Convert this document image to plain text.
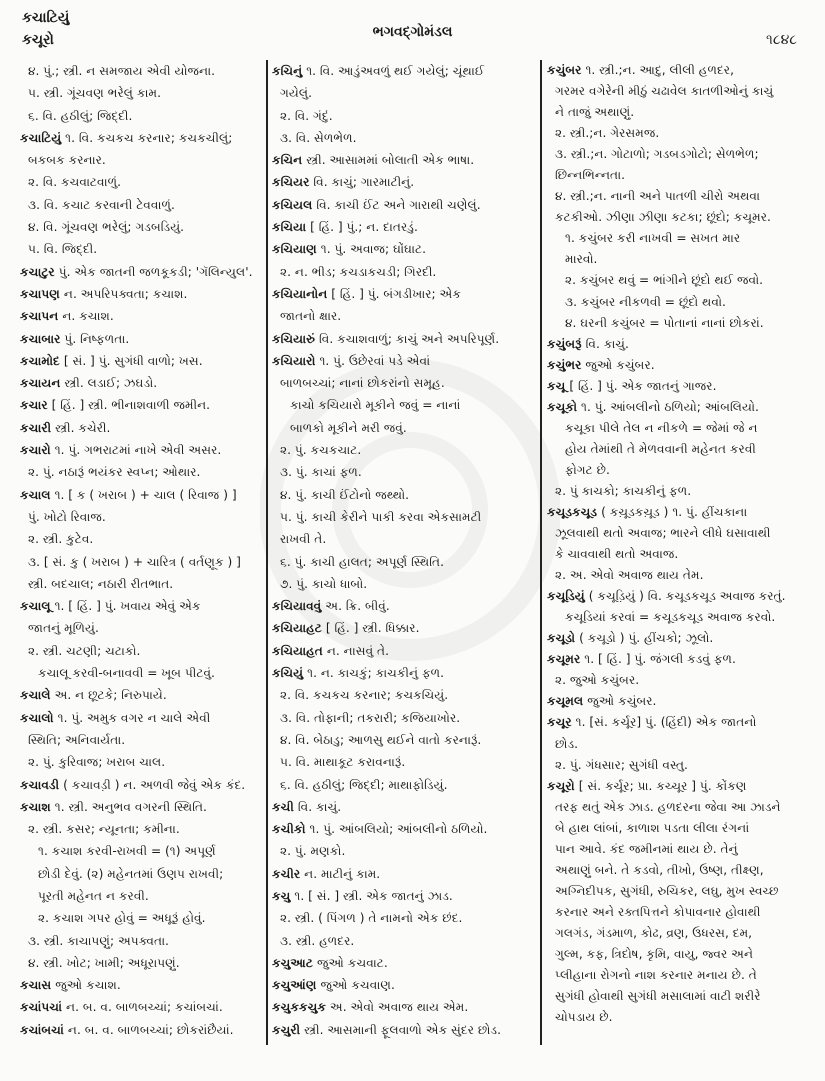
કચાટિયું
કચૂરો	ભગવદ્ગોમંડલ	૧૮૪૮
૪. પું.; સ્ત્રી. ન સમજાય એવી યોજના.
૫. સ્ત્રી. ગૂંચવણ ભરેલું કામ.
૬. વિ. હઠીલું; જિદ્દી.
કચાટિયું ૧. વિ. કચકચ કરનાર; કચકચીલું;
બકબક કરનાર.
૨. વિ. કચવાટવાળું.
૩. વિ. કચાટ કરવાની ટેવવાળું.
૪. વિ. ગૂંચવણ ભરેલું; ગડબડિયું.
૫. વિ. જિદ્દી.
કચાટુર પું. એક જાતની જળકૂકડી; 'ગૅલિન્યુલ'.
કચાપણ ન. અપરિપક્વતા; કચાશ.
કચાપન ન. કચાશ.
કચાબાર પું. નિષ્ફળતા.
કચામોદ [ સં. ] પું. સુગંધી વાળો; ખસ.
કચાયન સ્ત્રી. લડાઈ; ઝઘડો.
કચાર [ હિં. ] સ્ત્રી. ભીનાશવાળી જમીન.
કચારી સ્ત્રી. કચેરી.
કચારો ૧. પું. ગભરાટમાં નાખે એવી અસર.
૨. પું. નઠારૂં ભયંકર સ્વપ્ન; ઓથાર.
કચાલ ૧. [ ક ( ખરાબ ) + ચાલ ( રિવાજ ) ]
પું. ખોટો રિવાજ.
૨. સ્ત્રી. કુટેવ.
૩. [ સં. કુ ( ખરાબ ) + ચારિત્ર ( વર્તણૂક ) ]
સ્ત્રી. બદચાલ; નઠારી રીતભાત.
કચાલૂ ૧. [ હિં. ] પું. ખવાય એવું એક
જાતનું મૂળિયું.
૨. સ્ત્રી. ચટણી; ચટાકો.
કચાલૂ કરવી-બનાવવી = ખૂબ પીટવું.
કચાલે અ. ન છૂટકે; નિરુપાયે.
કચાલો ૧. પું. અમુક વગર ન ચાલે એવી
સ્થિતિ; અનિવાર્યતા.
૨. પું. કુરિવાજ; ખરાબ ચાલ.
કચાવડી ( કચાવડ઼ી ) ન. અળવી જેવું એક કંદ.
કચાશ ૧. સ્ત્રી. અનુભવ વગરની સ્થિતિ.
૨. સ્ત્રી. કસર; ન્યૂનતા; કમીના.
૧. કચાશ કરવી-રાખવી = (૧) અપૂર્ણ
છોડી દેવું. (૨) મહેનતમાં ઉણપ રાખવી;
પૂરતી મહેનત ન કરવી.
૨. કચાશ ગપર હોવું = અધૂરૂં હોવું.
૩. સ્ત્રી. કાચાપણું; અપક્વતા.
૪. સ્ત્રી. ખોટ; ખામી; અધૂરાપણું.
કચાસ જુઓ કચાશ.
કચાંપચાં ન. બ. વ. બાળબચ્ચાં; કચાંબચાં.
કચાંબચાં ન. બ. વ. બાળબચ્ચાં; છોકરાંછૈયાં.
કચિનું ૧. વિ. આડુંઅવળું થઈ ગયેલું; ચૂંથાઈ
ગયેલું.
૨. વિ. ગંદું.
૩. વિ. સેળભેળ.
કચિન સ્ત્રી. આસામમાં બોલાતી એક ભાષા.
કચિયર વિ. કાચું; ગારમાટીનું.
કચિયલ વિ. કાચી ઈંટ અને ગારાથી ચણેલું.
કચિયા [ હિં. ] પું.; ન. દાતરડું.
કચિયાણ ૧. પું. અવાજ; ઘોંઘાટ.
૨. ન. ભીડ; કચડાકચડી; ગિરદી.
કચિયાનોન [ હિં. ] પું. બંગડીખાર; એક
જાતનો ક્ષાર.
કચિયારું વિ. કચાશવાળું; કાચું અને અપરિપૂર્ણ.
કચિયારો ૧. પું. ઉછેરવાં પડે એવાં
બાળબચ્ચાં; નાનાં છોકરાંનો સમૂહ.
કાચો કચિયારો મૂકીને જવું = નાનાં
બાળકો મૂકીને મરી જવું.
૨. પું. કચકચાટ.
૩. પું. કાચાં ફળ.
૪. પું. કાચી ઈંટોનો જથ્થો.
૫. પું. કાચી કેરીને પાકી કરવા એકસામટી
રાખવી તે.
૬. પું. કાચી હાલત; અપૂર્ણ સ્થિતિ.
૭. પું. કાચો ધાબો.
કચિયાવવું અ. ક્રિ. બીવું.
કચિયાહટ [ હિં. ] સ્ત્રી. ધિક્કાર.
કચિયાહત ન. નાસવું તે.
કચિયું ૧. ન. કાચકું; કાચકીનું ફળ.
૨. વિ. કચકચ કરનાર; કચકચિયું.
૩. વિ. તોફાની; તકરારી; કજિયાખોર.
૪. વિ. બેઠાડુ; આળસુ થઈને વાતો કરનારૂં.
૫. વિ. માથાકૂટ કરાવનારૂં.
૬. વિ. હઠીલું; જિદ્દી; માથાફોડિયું.
કચી વિ. કાચું.
કચીકો ૧. પું. આંબલિયો; આંબલીનો ઠળિયો.
૨. પું. મણકો.
કચીર ન. માટીનું કામ.
કચુ ૧. [ સં. ] સ્ત્રી. એક જાતનું ઝાડ.
૨. સ્ત્રી. ( પિંગળ ) તે નામનો એક છંદ.
૩. સ્ત્રી. હળદર.
કચુઆટ જુઓ કચવાટ.
કચુઆંણ જુઓ કચવાણ.
કચુકકચુક અ. એવો અવાજ થાય એમ.
કચુરી સ્ત્રી. આસમાની ફૂલવાળો એક સુંદર છોડ.
કચુંબર ૧. સ્ત્રી.;ન. આદુ, લીલી હળદર,
ગરમર વગેરેની મીઠું ચઢાવેલ કાતળીઓનું કાચું
ને તાજું અથાણું.
૨. સ્ત્રી.;ન. ગેરસમજ.
૩. સ્ત્રી.;ન. ગોટાળો; ગડબડગોટો; સેળભેળ;
છિન્નભિન્નતા.
૪. સ્ત્રી.;ન. નાની અને પાતળી ચીરો અથવા
કટકીઓ. ઝીણા ઝીણા કટકા; છૂંદો; કચૂમર.
૧. કચુંબર કરી નાખવી = સખત માર
મારવો.
૨. કચુંબર થવું = ભાંગીને છૂંદો થઈ જવો.
૩. કચુંબર નીકળવી = છૂંદો થવો.
૪. ઘરની કચુંબર = પોતાનાં નાનાં છોકરાં.
કચુંબરૂં વિ. કાચું.
કચુંભર જુઓ કચુંબર.
કચૂ [ હિં. ] પું. એક જાતનું ગાજર.
કચૂકો ૧. પું. આંબલીનો ઠળિયો; આંબલિયો.
કચૂકા પીલે તેલ ન નીકળે = જેમાં જે ન
હોય તેમાંથી તે મેળવવાની મહેનત કરવી
ફોગટ છે.
૨. પું કાચકો; કાચકીનું ફળ.
કચૂડકચૂડ ( કચૂ઼ડકચૂ઼ડ ) ૧. પું. હીંચકાના
ઝૂલવાથી થતો અવાજ; ભારને લીધે ઘસાવાથી
કે ચાવવાથી થતો અવાજ.
૨. અ. એવો અવાજ થાય તેમ.
કચૂડિયું ( કચૂડ઼િયું ) વિ. કચૂડકચૂડ અવાજ કરતું.
કચૂડિયાં કરવાં = કચૂડકચૂડ અવાજ કરવો.
કચૂડો ( કચૂડ઼ો ) પું. હીંચકો; ઝૂલો.
કચૂમર ૧. [ હિં. ] પું. જંગલી કડવું ફળ.
૨. જુઓ કચુંબર.
કચૂમલ જુઓ કચુંબર.
કચૂર ૧. [સં. કર્ચૂર] પું. (હિંદી) એક જાતનો
છોડ.
૨. પું. ગંધસાર; સુગંધી વસ્તુ.
કચૂરો [ સં. કર્ચૂર; પ્રા. કચ્ચૂર ] પું. કોંકણ
તરફ થતું એક ઝાડ. હળદરના જેવા આ ઝાડને
બે હાથ લાંબાં, કાળાશ પડતા લીલા રંગનાં
પાન આવે. કંદ જમીનમાં થાય છે. તેનું
અથાણું બને. તે કડવો, તીખો, ઉષ્ણ, તીક્ષ્ણ,
અગ્નિદીપક, સુગંધી, રુચિકર, લઘુ, મુખ સ્વચ્છ
કરનાર અને રક્તપિત્તને કોપાવનાર હોવાથી
ગલગંડ, ગંડમાળ, કોઢ, વ્રણ, ઉધરસ, દમ,
ગુલ્મ, કફ, ત્રિદોષ, કૃમિ, વાયુ, જ્વર અને
પ્લીહાના રોગનો નાશ કરનાર મનાય છે. તે
સુગંધી હોવાથી સુગંધી મસાલામાં વાટી શરીરે
ચોપડાય છે.
